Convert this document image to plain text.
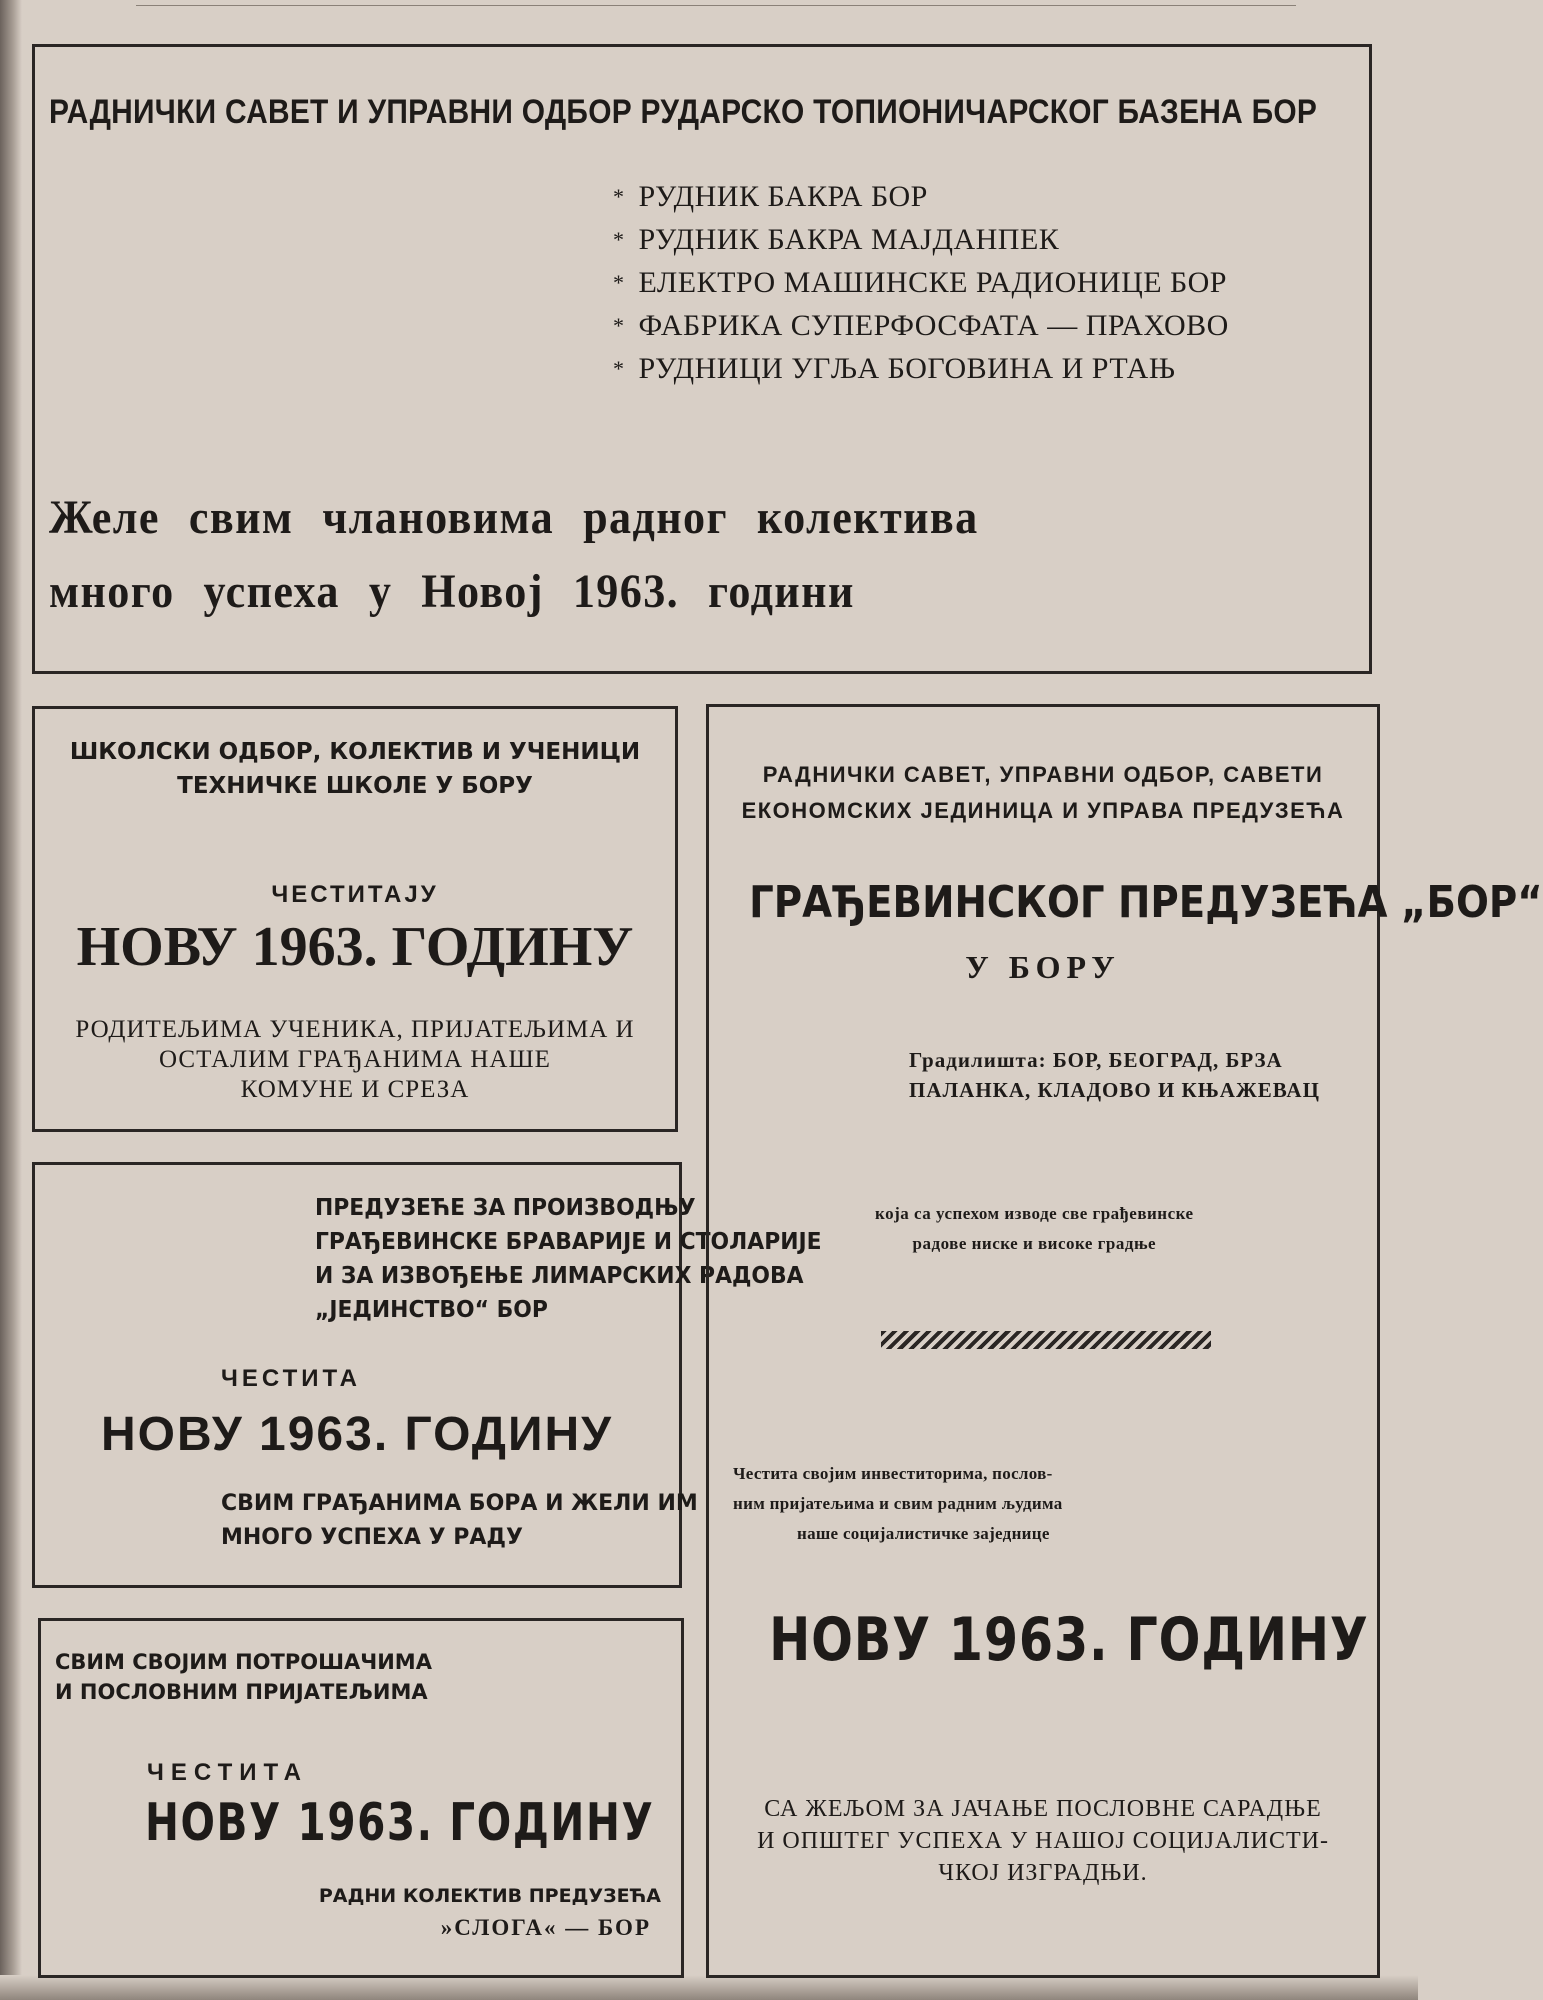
РАДНИЧКИ САВЕТ И УПРАВНИ ОДБОР РУДАРСКО ТОПИОНИЧАРСКОГ БАЗЕНА БОР
* РУДНИК БАКРА БОР
* РУДНИК БАКРА МАЈДАНПЕК
* ЕЛЕКТРО МАШИНСКЕ РАДИОНИЦЕ БОР
* ФАБРИКА СУПЕРФОСФАТА — ПРАХОВО
* РУДНИЦИ УГЉА БОГОВИНА И РТАЊ
Желе свим члановима радног колектива
много успеха у Новој 1963. години
ШКОЛСКИ ОДБОР, КОЛЕКТИВ И УЧЕНИЦИ
ТЕХНИЧКЕ ШКОЛЕ У БОРУ
ЧЕСТИТАЈУ
НОВУ 1963. ГОДИНУ
РОДИТЕЉИМА УЧЕНИКА, ПРИЈАТЕЉИМА И
ОСТАЛИМ ГРАЂАНИМА НАШЕ
КОМУНЕ И СРЕЗА
ПРЕДУЗЕЋЕ ЗА ПРОИЗВОДЊУ
ГРАЂЕВИНСКЕ БРАВАРИЈЕ И СТОЛАРИЈЕ
И ЗА ИЗВОЂЕЊЕ ЛИМАРСКИХ РАДОВА
„ЈЕДИНСТВО“ БОР
ЧЕСТИТА
НОВУ 1963. ГОДИНУ
СВИМ ГРАЂАНИМА БОРА И ЖЕЛИ ИМ
МНОГО УСПЕХА У РАДУ
СВИМ СВОЈИМ ПОТРОШАЧИМА
И ПОСЛОВНИМ ПРИЈАТЕЉИМА
ЧЕСТИТА
НОВУ 1963. ГОДИНУ
РАДНИ КОЛЕКТИВ ПРЕДУЗЕЋА
»СЛОГА« — БОР
РАДНИЧКИ САВЕТ, УПРАВНИ ОДБОР, САВЕТИ
ЕКОНОМСКИХ ЈЕДИНИЦА И УПРАВА ПРЕДУЗЕЋА
ГРАЂЕВИНСКОГ ПРЕДУЗЕЋА „БОР“
У БОРУ
Градилишта: БОР, БЕОГРАД, БРЗА
ПАЛАНКА, КЛАДОВО И КЊАЖЕВАЦ
која са успехом изводе све грађевинске
радове ниске и високе градње
Честита својим инвеститорима, послов-
ним пријатељима и свим радним људима
наше социјалистичке заједнице
НОВУ 1963. ГОДИНУ
СА ЖЕЉОМ ЗА ЈАЧАЊЕ ПОСЛОВНЕ САРАДЊЕ
И ОПШТЕГ УСПЕХА У НАШОЈ СОЦИЈАЛИСТИ-
ЧКОЈ ИЗГРАДЊИ.
